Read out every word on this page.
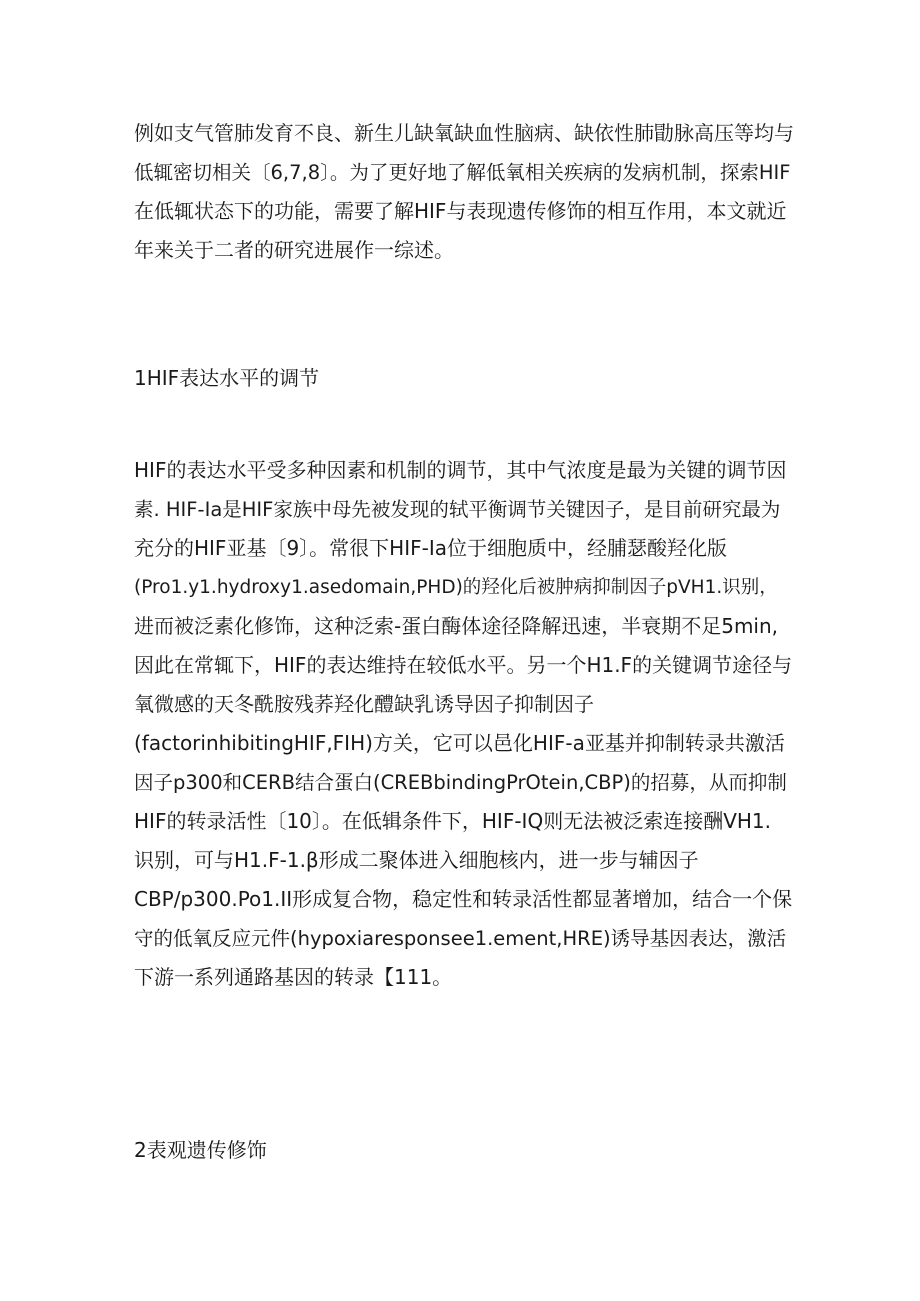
例如支气管肺发育不良、新生儿缺氧缺血性脑病、缺依性肺勖脉高压等均与
低辄密切相关〔6,7,8〕。为了更好地了解低氧相关疾病的发病机制，探索HIF
在低辄状态下的功能，需要了解HIF与表现遗传修饰的相互作用，本文就近
年来关于二者的研究进展作一综述。
1HIF表达水平的调节
HIF的表达水平受多种因素和机制的调节，其中气浓度是最为关键的调节因
素. HIF-Ia是HIF家族中母先被发现的轼平衡调节关键因子，是目前研究最为
充分的HIF亚基〔9〕。常很下HIF-Ia位于细胞质中，经脯瑟酸羟化版
(Pro1.y1.hydroxy1.asedomain,PHD)的羟化后被肿病抑制因子pVH1.识别，
进而被泛素化修饰，这种泛索-蛋白酶体途径降解迅速，半衰期不足5min,
因此在常辄下，HIF的表达维持在较低水平。另一个H1.F的关键调节途径与
氧微感的天冬酰胺残荞羟化醴缺乳诱导因子抑制因子
(factorinhibitingHIF,FIH)方关，它可以邑化HIF-a亚基并抑制转录共激活
因子p300和CERB结合蛋白(CREBbindingPrOtein,CBP)的招募，从而抑制
HIF的转录活性〔10〕。在低辑条件下，HIF-IQ则无法被泛索连接酬VH1.
识别，可与H1.F-1.β形成二聚体进入细胞核内，进一步与辅因子
CBP/p300.Po1.II形成复合物，稳定性和转录活性都显著增加，结合一个保
守的低氧反应元件(hypoxiaresponsee1.ement,HRE)诱导基因表达，激活
下游一系列通路基因的转录【111。
2表观遗传修饰
